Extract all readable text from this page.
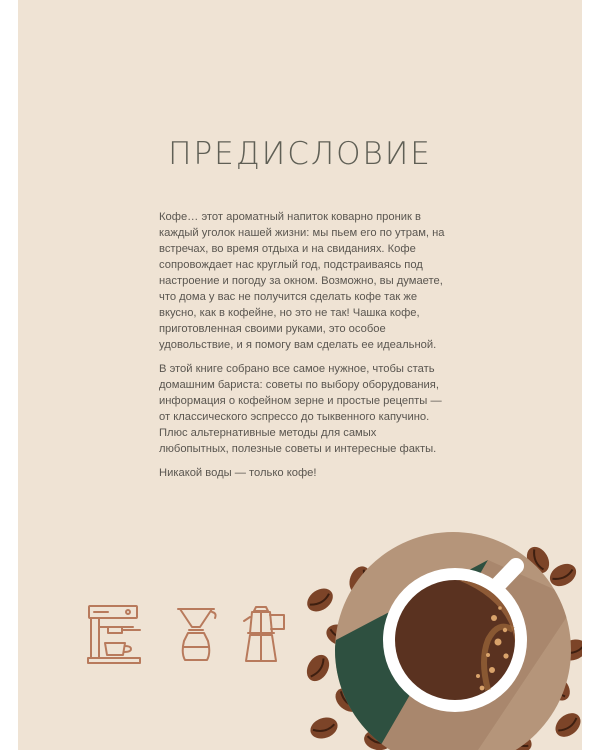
ПРЕДИСЛОВИЕ

Кофе… этот ароматный напиток коварно проник в каждый уголок нашей жизни: мы пьем его по утрам, на встречах, во время отдыха и на свиданиях. Кофе сопровождает нас круглый год, подстраиваясь под настроение и погоду за окном. Возможно, вы думаете, что дома у вас не получится сделать кофе так же вкусно, как в кофейне, но это не так! Чашка кофе, приготовленная своими руками, это особое удовольствие, и я помогу вам сделать ее идеальной.

В этой книге собрано все самое нужное, чтобы стать домашним бариста: советы по выбору оборудования, информация о кофейном зерне и простые рецепты — от классического эспрессо до тыквенного капучино. Плюс альтернативные методы для самых любопытных, полезные советы и интересные факты.

Никакой воды — только кофе!
